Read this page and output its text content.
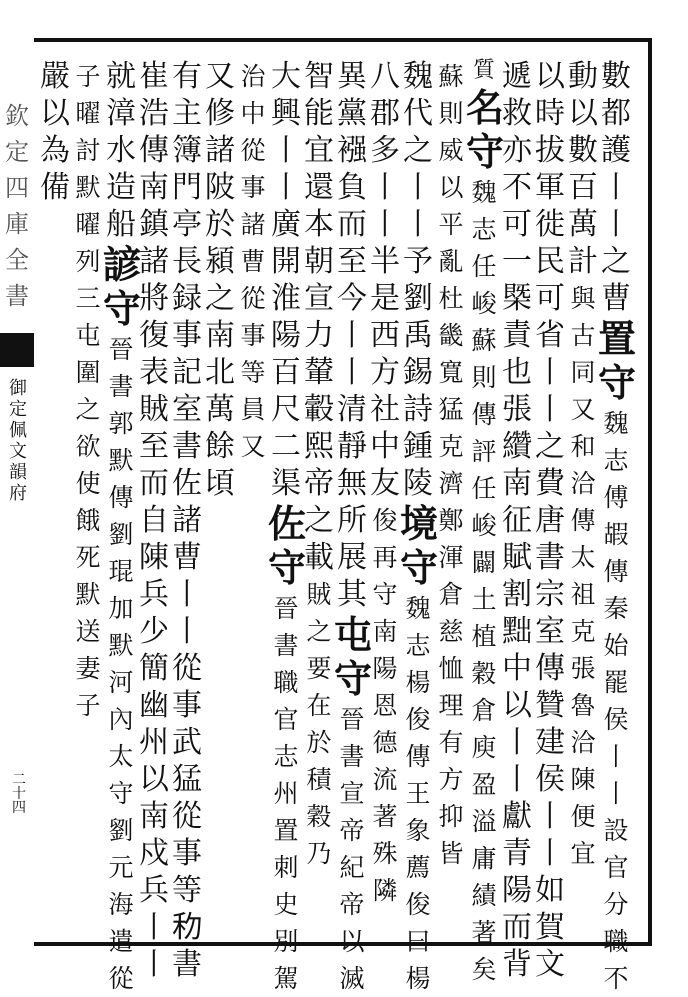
欽
定
四
庫
全
書
御
定
佩
文
韻
府
二
十
四
數
都
護
丨
丨
之
曹
置
守
魏
志
傅
嘏
傳
秦
始
罷
侯
丨
丨
設
官
分
職
不
動
以
數
百
萬
計
與
古
同
又
和
洽
傳
太
祖
克
張
魯
洽
陳
便
宜
以
時
拔
軍
徙
民
可
省
丨
丨
之
費
唐
書
宗
室
傳
贊
建
侯
丨
丨
如
賀
文
遞
救
亦
不
可
一
槩
責
也
張
纘
南
征
賦
割
黜
中
以
丨
丨
獻
青
陽
而
背
質
名
守
魏
志
任
峻
蘇
則
傳
評
任
峻
闢
土
植
穀
倉
庾
盈
溢
庸
績
著
矣
蘇
則
威
以
平
亂
杜
畿
寬
猛
克
濟
鄭
渾
倉
慈
恤
理
有
方
抑
皆
魏
代
之
丨
丨
予
劉
禹
錫
詩
鍾
陵
境
守
魏
志
楊
俊
傳
王
象
薦
俊
曰
楊
八
郡
多
丨
丨
半
是
西
方
社
中
友
俊
再
守
南
陽
恩
德
流
著
殊
隣
異
黨
襁
負
而
至
今
丨
丨
清
靜
無
所
展
其
屯
守
晉
書
宣
帝
紀
帝
以
滅
智
能
宜
還
本
朝
宣
力
輦
轂
熙
帝
之
載
賊
之
要
在
於
積
穀
乃
大
興
丨
丨
廣
開
淮
陽
百
尺
二
渠
佐
守
晉
書
職
官
志
州
置
刺
史
別
駕
治
中
從
事
諸
曹
從
事
等
員
又
又
修
諸
陂
於
潁
之
南
北
萬
餘
頃
有
主
簿
門
亭
長
録
事
記
室
書
佐
諸
曹
丨
丨
從
事
武
猛
從
事
等
𥝢
書
崔
浩
傳
南
鎮
諸
將
復
表
賊
至
而
自
陳
兵
少
簡
幽
州
以
南
戍
兵
丨
丨
就
漳
水
造
船
諺
守
晉
書
郭
默
傳
劉
琨
加
默
河
內
太
守
劉
元
海
遣
從
子
曜
討
默
曜
列
三
屯
圍
之
欲
使
餓
死
默
送
妻
子
嚴
以
為
備
